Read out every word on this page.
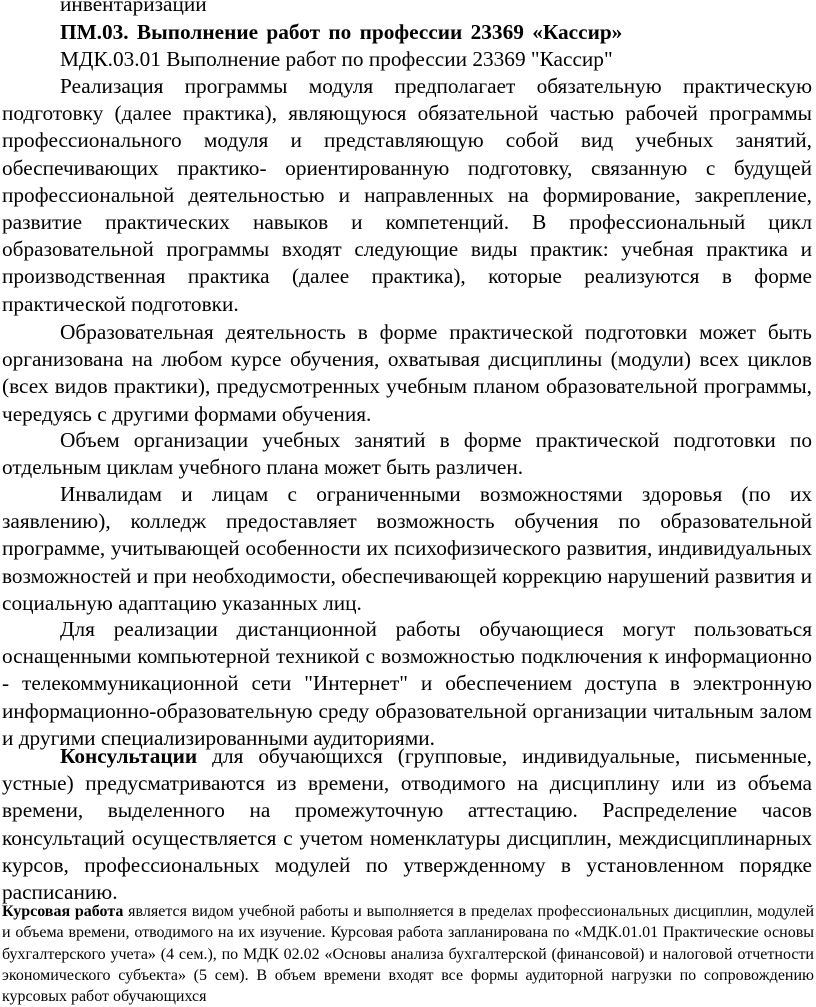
инвентаризации
ПМ.03. Выполнение работ по профессии 23369 «Кассир»
МДК.03.01 Выполнение работ по профессии 23369 "Кассир"
Реализация программы модуля предполагает обязательную практическую подготовку (далее практика), являющуюся обязательной частью рабочей программы профессионального модуля и представляющую собой вид учебных занятий, обеспечивающих практико- ориентированную подготовку, связанную с будущей профессиональной деятельностью и направленных на формирование, закрепление, развитие практических навыков и компетенций. В профессиональный цикл образовательной программы входят следующие виды практик: учебная практика и производственная практика (далее практика), которые реализуются в форме практической подготовки.
Образовательная деятельность в форме практической подготовки может быть организована на любом курсе обучения, охватывая дисциплины (модули) всех циклов (всех видов практики), предусмотренных учебным планом образовательной программы, чередуясь с другими формами обучения.
Объем организации учебных занятий в форме практической подготовки по отдельным циклам учебного плана может быть различен.
Инвалидам и лицам с ограниченными возможностями здоровья (по их заявлению), колледж предоставляет возможность обучения по образовательной программе, учитывающей особенности их психофизического развития, индивидуальных возможностей и при необходимости, обеспечивающей коррекцию нарушений развития и социальную адаптацию указанных лиц.
Для реализации дистанционной работы обучающиеся могут пользоваться оснащенными компьютерной техникой с возможностью подключения к информационно - телекоммуникационной сети "Интернет" и обеспечением доступа в электронную информационно-образовательную среду образовательной организации читальным залом и другими специализированными аудиториями.
Консультации для обучающихся (групповые, индивидуальные, письменные, устные) предусматриваются из времени, отводимого на дисциплину или из объема времени, выделенного на промежуточную аттестацию. Распределение часов консультаций осуществляется с учетом номенклатуры дисциплин, междисциплинарных курсов, профессиональных модулей по утвержденному в установленном порядке расписанию.
Курсовая работа является видом учебной работы и выполняется в пределах профессиональных дисциплин, модулей и объема времени, отводимого на их изучение. Курсовая работа запланирована по «МДК.01.01 Практические основы бухгалтерского учета» (4 сем.), по МДК 02.02 «Основы анализа бухгалтерской (финансовой) и налоговой отчетности экономического субъекта» (5 сем). В объем времени входят все формы аудиторной нагрузки по сопровождению курсовых работ обучающихся
